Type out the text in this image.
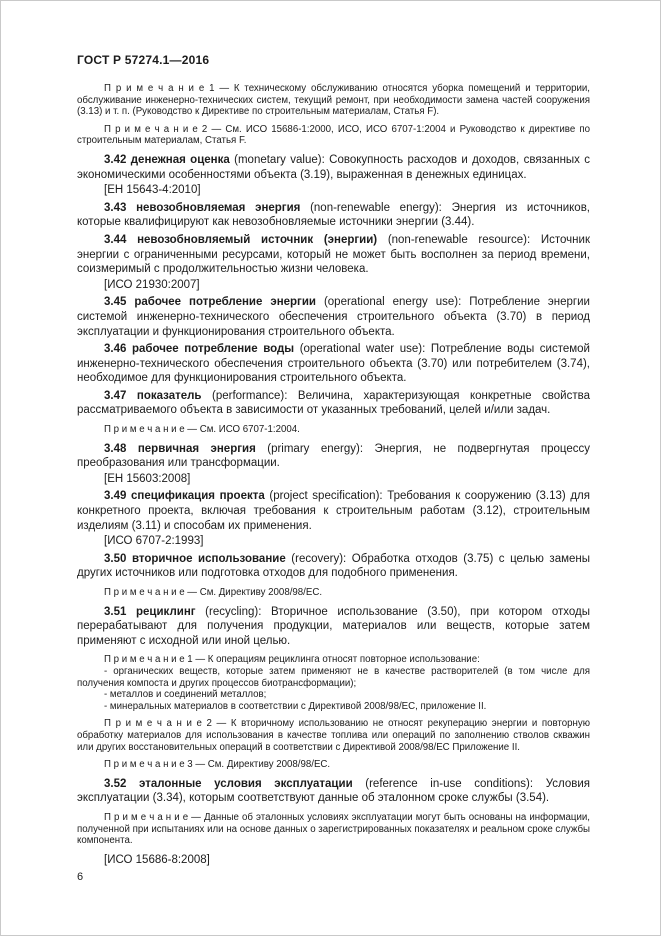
ГОСТ Р 57274.1—2016

П р и м е ч а н и е 1 — К техническому обслуживанию относятся уборка помещений и территории, обслуживание инженерно-технических систем, текущий ремонт, при необходимости замена частей сооружения (3.13) и т. п. (Руководство к Директиве по строительным материалам, Статья F).

П р и м е ч а н и е 2 — См. ИСО 15686-1:2000, ИСО, ИСО 6707-1:2004 и Руководство к директиве по строительным материалам, Статья F.

3.42 денежная оценка (monetary value): Совокупность расходов и доходов, связанных с экономическими особенностями объекта (3.19), выраженная в денежных единицах.

[ЕН 15643-4:2010]

3.43 невозобновляемая энергия (non-renewable energy): Энергия из источников, которые квалифицируют как невозобновляемые источники энергии (3.44).

3.44 невозобновляемый источник (энергии) (non-renewable resource): Источник энергии с ограниченными ресурсами, который не может быть восполнен за период времени, соизмеримый с продолжительностью жизни человека.

[ИСО 21930:2007]

3.45 рабочее потребление энергии (operational energy use): Потребление энергии системой инженерно-технического обеспечения строительного объекта (3.70) в период эксплуатации и функционирования строительного объекта.

3.46 рабочее потребление воды (operational water use): Потребление воды системой инженерно-технического обеспечения строительного объекта (3.70) или потребителем (3.74), необходимое для функционирования строительного объекта.

3.47 показатель (performance): Величина, характеризующая конкретные свойства рассматриваемого объекта в зависимости от указанных требований, целей и/или задач.

П р и м е ч а н и е — См. ИСО 6707-1:2004.

3.48 первичная энергия (primary energy): Энергия, не подвергнутая процессу преобразования или трансформации.

[ЕН 15603:2008]

3.49 спецификация проекта (project specification): Требования к сооружению (3.13) для конкретного проекта, включая требования к строительным работам (3.12), строительным изделиям (3.11) и способам их применения.

[ИСО 6707-2:1993]

3.50 вторичное использование (recovery): Обработка отходов (3.75) с целью замены других источников или подготовка отходов для подобного применения.

П р и м е ч а н и е — См. Директиву 2008/98/ЕС.

3.51 рециклинг (recycling): Вторичное использование (3.50), при котором отходы перерабатывают для получения продукции, материалов или веществ, которые затем применяют с исходной или иной целью.

П р и м е ч а н и е 1 — К операциям рециклинга относят повторное использование:

- органических веществ, которые затем применяют не в качестве растворителей (в том числе для получения компоста и других процессов биотрансформации);

- металлов и соединений металлов;

- минеральных материалов в соответствии с Директивой 2008/98/ЕС, приложение II.

П р и м е ч а н и е 2 — К вторичному использованию не относят рекуперацию энергии и повторную обработку материалов для использования в качестве топлива или операций по заполнению стволов скважин или других восстановительных операций в соответствии с Директивой 2008/98/ЕС Приложение II.

П р и м е ч а н и е 3 — См. Директиву 2008/98/ЕС.

3.52 эталонные условия эксплуатации (reference in-use conditions): Условия эксплуатации (3.34), которым соответствуют данные об эталонном сроке службы (3.54).

П р и м е ч а н и е — Данные об эталонных условиях эксплуатации могут быть основаны на информации, полученной при испытаниях или на основе данных о зарегистрированных показателях и реальном сроке службы компонента.

[ИСО 15686-8:2008]

6
